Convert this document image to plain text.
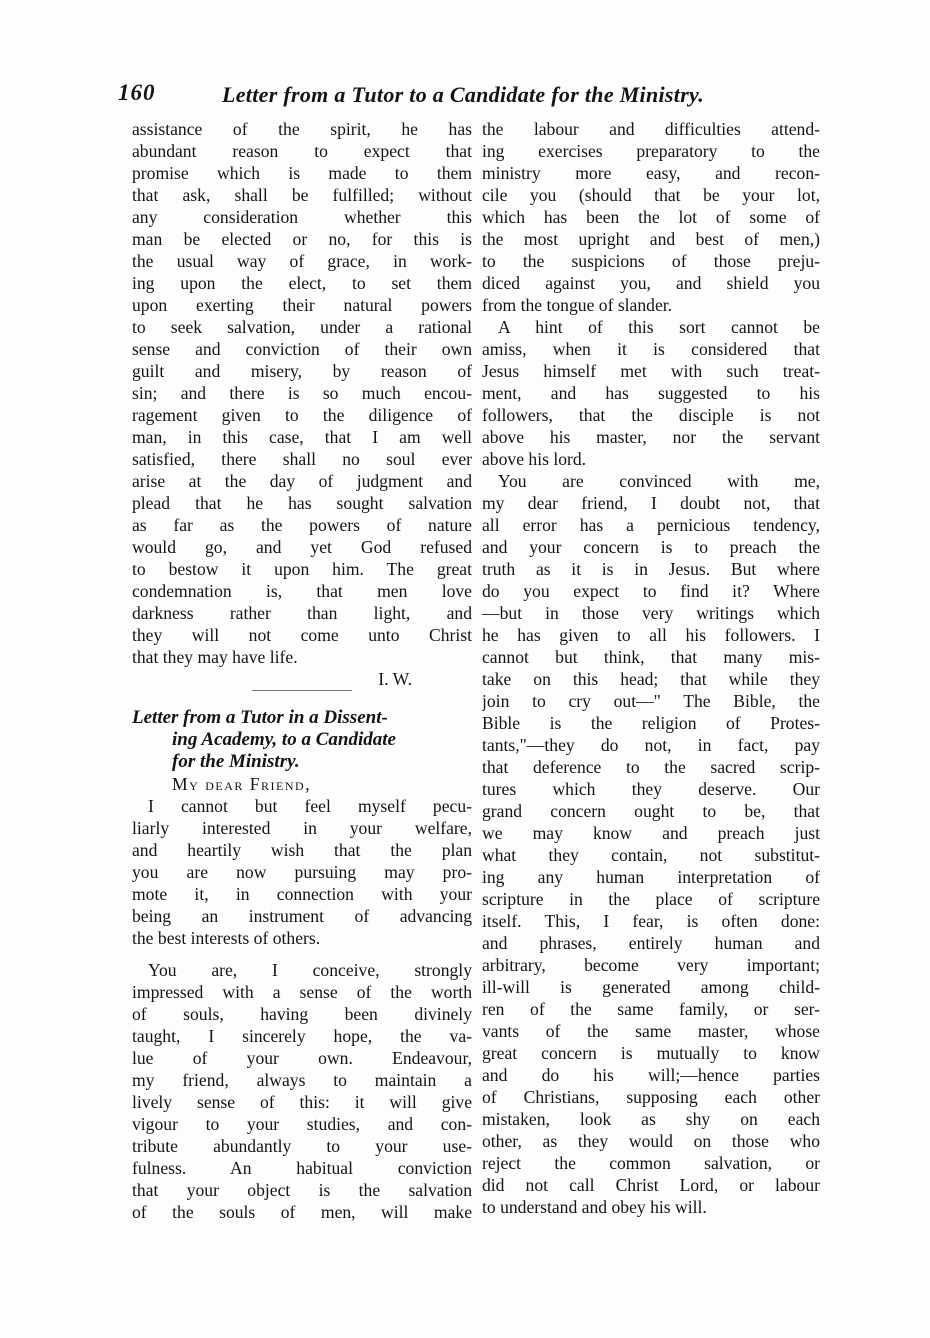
160	Letter from a Tutor to a Candidate for the Ministry.
assistance of the spirit, he has
abundant reason to expect that
promise which is made to them
that ask, shall be fulfilled; without
any consideration whether this
man be elected or no, for this is
the usual way of grace, in work-
ing upon the elect, to set them
upon exerting their natural powers
to seek salvation, under a rational
sense and conviction of their own
guilt and misery, by reason of
sin; and there is so much encou-
ragement given to the diligence of
man, in this case, that I am well
satisfied, there shall no soul ever
arise at the day of judgment and
plead that he has sought salvation
as far as the powers of nature
would go, and yet God refused
to bestow it upon him. The great
condemnation is, that men love
darkness rather than light, and
they will not come unto Christ
that they may have life.
I. W.
Letter from a Tutor in a Dissent-
ing Academy, to a Candidate
for the Ministry.
My dear Friend,
I cannot but feel myself pecu-
liarly interested in your welfare,
and heartily wish that the plan
you are now pursuing may pro-
mote it, in connection with your
being an instrument of advancing
the best interests of others.
You are, I conceive, strongly
impressed with a sense of the worth
of souls, having been divinely
taught, I sincerely hope, the va-
lue of your own. Endeavour,
my friend, always to maintain a
lively sense of this: it will give
vigour to your studies, and con-
tribute abundantly to your use-
fulness. An habitual conviction
that your object is the salvation
of the souls of men, will make
the labour and difficulties attend-
ing exercises preparatory to the
ministry more easy, and recon-
cile you (should that be your lot,
which has been the lot of some of
the most upright and best of men,)
to the suspicions of those preju-
diced against you, and shield you
from the tongue of slander.
A hint of this sort cannot be
amiss, when it is considered that
Jesus himself met with such treat-
ment, and has suggested to his
followers, that the disciple is not
above his master, nor the servant
above his lord.
You are convinced with me,
my dear friend, I doubt not, that
all error has a pernicious tendency,
and your concern is to preach the
truth as it is in Jesus. But where
do you expect to find it? Where
—but in those very writings which
he has given to all his followers. I
cannot but think, that many mis-
take on this head; that while they
join to cry out—" The Bible, the
Bible is the religion of Protes-
tants,"—they do not, in fact, pay
that deference to the sacred scrip-
tures which they deserve. Our
grand concern ought to be, that
we may know and preach just
what they contain, not substitut-
ing any human interpretation of
scripture in the place of scripture
itself. This, I fear, is often done:
and phrases, entirely human and
arbitrary, become very important;
ill-will is generated among child-
ren of the same family, or ser-
vants of the same master, whose
great concern is mutually to know
and do his will;—hence parties
of Christians, supposing each other
mistaken, look as shy on each
other, as they would on those who
reject the common salvation, or
did not call Christ Lord, or labour
to understand and obey his will.
